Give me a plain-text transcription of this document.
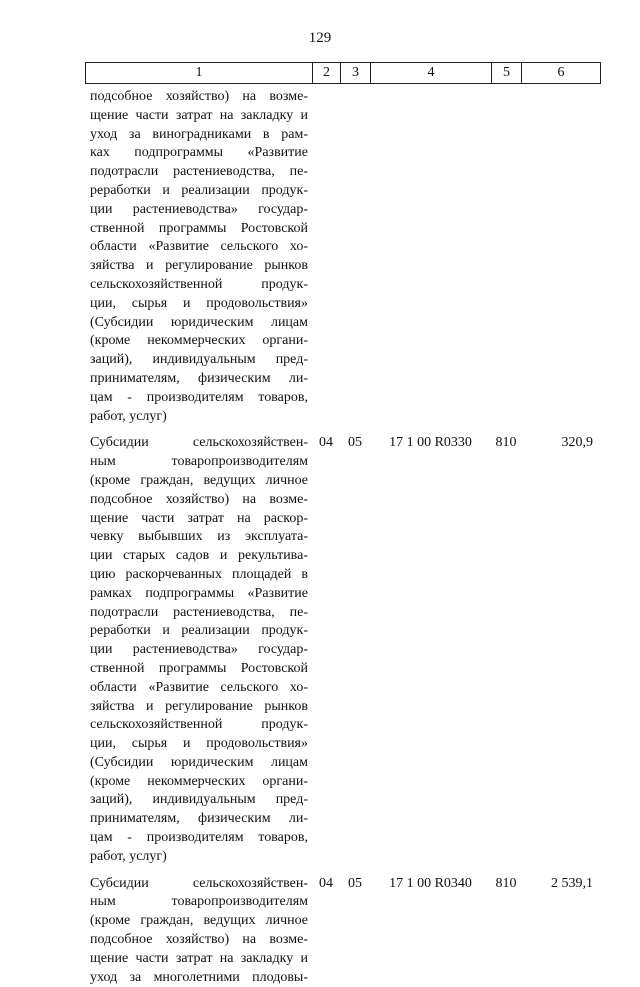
129
1	2	3	4	5	6
подсобное хозяйство) на возме-
щение части затрат на закладку и
уход за виноградниками в рам-
ках подпрограммы «Развитие
подотрасли растениеводства, пе-
реработки и реализации продук-
ции растениеводства» государ-
ственной программы Ростовской
области «Развитие сельского хо-
зяйства и регулирование рынков
сельскохозяйственной продук-
ции, сырья и продовольствия»
(Субсидии юридическим лицам
(кроме некоммерческих органи-
заций), индивидуальным пред-
принимателям, физическим ли-
цам - производителям товаров,
работ, услуг)
Субсидии сельскохозяйствен-
ным товаропроизводителям
(кроме граждан, ведущих личное
подсобное хозяйство) на возме-
щение части затрат на раскор-
чевку выбывших из эксплуата-
ции старых садов и рекультива-
цию раскорчеванных площадей в
рамках подпрограммы «Развитие
подотрасли растениеводства, пе-
реработки и реализации продук-
ции растениеводства» государ-
ственной программы Ростовской
области «Развитие сельского хо-
зяйства и регулирование рынков
сельскохозяйственной продук-
ции, сырья и продовольствия»
(Субсидии юридическим лицам
(кроме некоммерческих органи-
заций), индивидуальным пред-
принимателям, физическим ли-
цам - производителям товаров,
работ, услуг)
04	05	17 1 00 R0330	810	320,9
Субсидии сельскохозяйствен-
ным товаропроизводителям
(кроме граждан, ведущих личное
подсобное хозяйство) на возме-
щение части затрат на закладку и
уход за многолетними плодовы-
04	05	17 1 00 R0340	810	2 539,1
